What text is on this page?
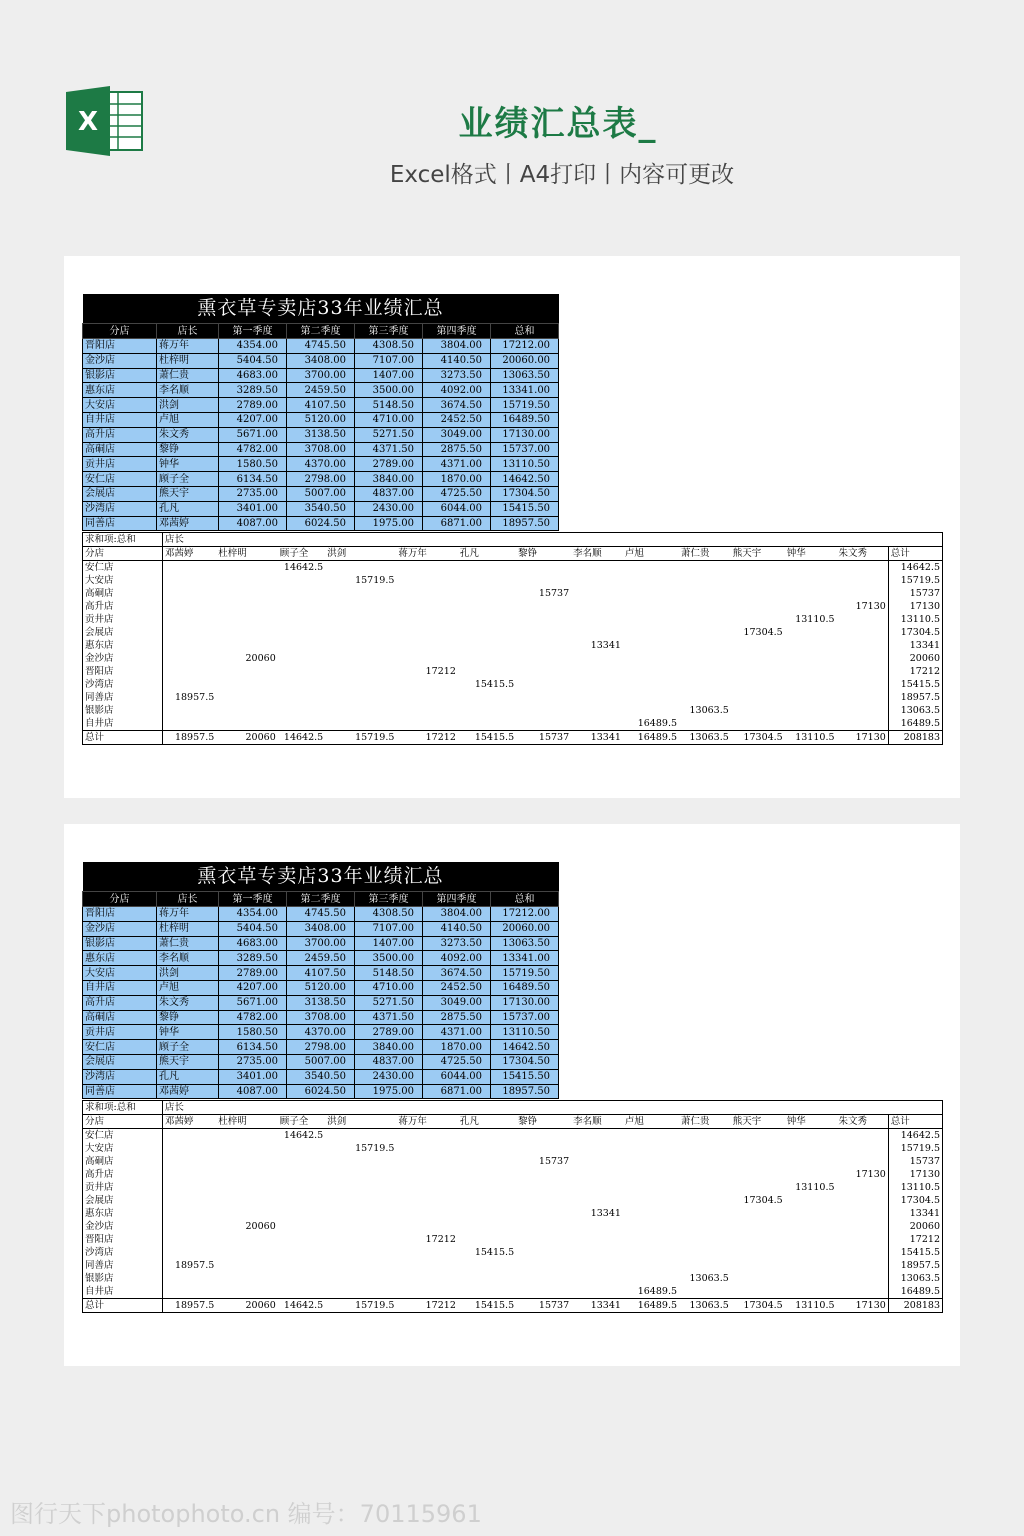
X	业绩汇总表_
Excel格式丨A4打印丨内容可更改
熏衣草专卖店33年业绩汇总						
分店	店长	第一季度	第二季度	第三季度	第四季度	总和
晋阳店	蒋万年	4354.00	4745.50	4308.50	3804.00	17212.00
金沙店	杜梓明	5404.50	3408.00	7107.00	4140.50	20060.00
银影店	萧仁贵	4683.00	3700.00	1407.00	3273.50	13063.50
惠东店	李名顺	3289.50	2459.50	3500.00	4092.00	13341.00
大安店	洪剑	2789.00	4107.50	5148.50	3674.50	15719.50
自井店	卢旭	4207.00	5120.00	4710.00	2452.50	16489.50
高升店	朱文秀	5671.00	3138.50	5271.50	3049.00	17130.00
高硐店	黎铮	4782.00	3708.00	4371.50	2875.50	15737.00
贡井店	钟华	1580.50	4370.00	2789.00	4371.00	13110.50
安仁店	顾子全	6134.50	2798.00	3840.00	1870.00	14642.50
会展店	熊天宇	2735.00	5007.00	4837.00	4725.50	17304.50
沙湾店	孔凡	3401.00	3540.50	2430.00	6044.00	15415.50
同善店	邓茜婷	4087.00	6024.50	1975.00	6871.00	18957.50
求和项:总和	店长													
分店	邓茜婷	杜梓明	顾子全	洪剑	蒋万年	孔凡	黎铮	李名顺	卢旭	萧仁贵	熊天宇	钟华	朱文秀	总计
安仁店			14642.5											14642.5
大安店				15719.5										15719.5
高硐店							15737							15737
高升店													17130	17130
贡井店												13110.5		13110.5
会展店											17304.5			17304.5
惠东店								13341						13341
金沙店		20060												20060
晋阳店					17212									17212
沙湾店						15415.5								15415.5
同善店	18957.5													18957.5
银影店										13063.5				13063.5
自井店									16489.5					16489.5
总计	18957.5	20060	14642.5	15719.5	17212	15415.5	15737	13341	16489.5	13063.5	17304.5	13110.5	17130	208183
熏衣草专卖店33年业绩汇总						
分店	店长	第一季度	第二季度	第三季度	第四季度	总和
晋阳店	蒋万年	4354.00	4745.50	4308.50	3804.00	17212.00
金沙店	杜梓明	5404.50	3408.00	7107.00	4140.50	20060.00
银影店	萧仁贵	4683.00	3700.00	1407.00	3273.50	13063.50
惠东店	李名顺	3289.50	2459.50	3500.00	4092.00	13341.00
大安店	洪剑	2789.00	4107.50	5148.50	3674.50	15719.50
自井店	卢旭	4207.00	5120.00	4710.00	2452.50	16489.50
高升店	朱文秀	5671.00	3138.50	5271.50	3049.00	17130.00
高硐店	黎铮	4782.00	3708.00	4371.50	2875.50	15737.00
贡井店	钟华	1580.50	4370.00	2789.00	4371.00	13110.50
安仁店	顾子全	6134.50	2798.00	3840.00	1870.00	14642.50
会展店	熊天宇	2735.00	5007.00	4837.00	4725.50	17304.50
沙湾店	孔凡	3401.00	3540.50	2430.00	6044.00	15415.50
同善店	邓茜婷	4087.00	6024.50	1975.00	6871.00	18957.50
求和项:总和	店长													
分店	邓茜婷	杜梓明	顾子全	洪剑	蒋万年	孔凡	黎铮	李名顺	卢旭	萧仁贵	熊天宇	钟华	朱文秀	总计
安仁店			14642.5											14642.5
大安店				15719.5										15719.5
高硐店							15737							15737
高升店													17130	17130
贡井店												13110.5		13110.5
会展店											17304.5			17304.5
惠东店								13341						13341
金沙店		20060												20060
晋阳店					17212									17212
沙湾店						15415.5								15415.5
同善店	18957.5													18957.5
银影店										13063.5				13063.5
自井店									16489.5					16489.5
总计	18957.5	20060	14642.5	15719.5	17212	15415.5	15737	13341	16489.5	13063.5	17304.5	13110.5	17130	208183
图行天下photophoto.cn 编号：70115961
